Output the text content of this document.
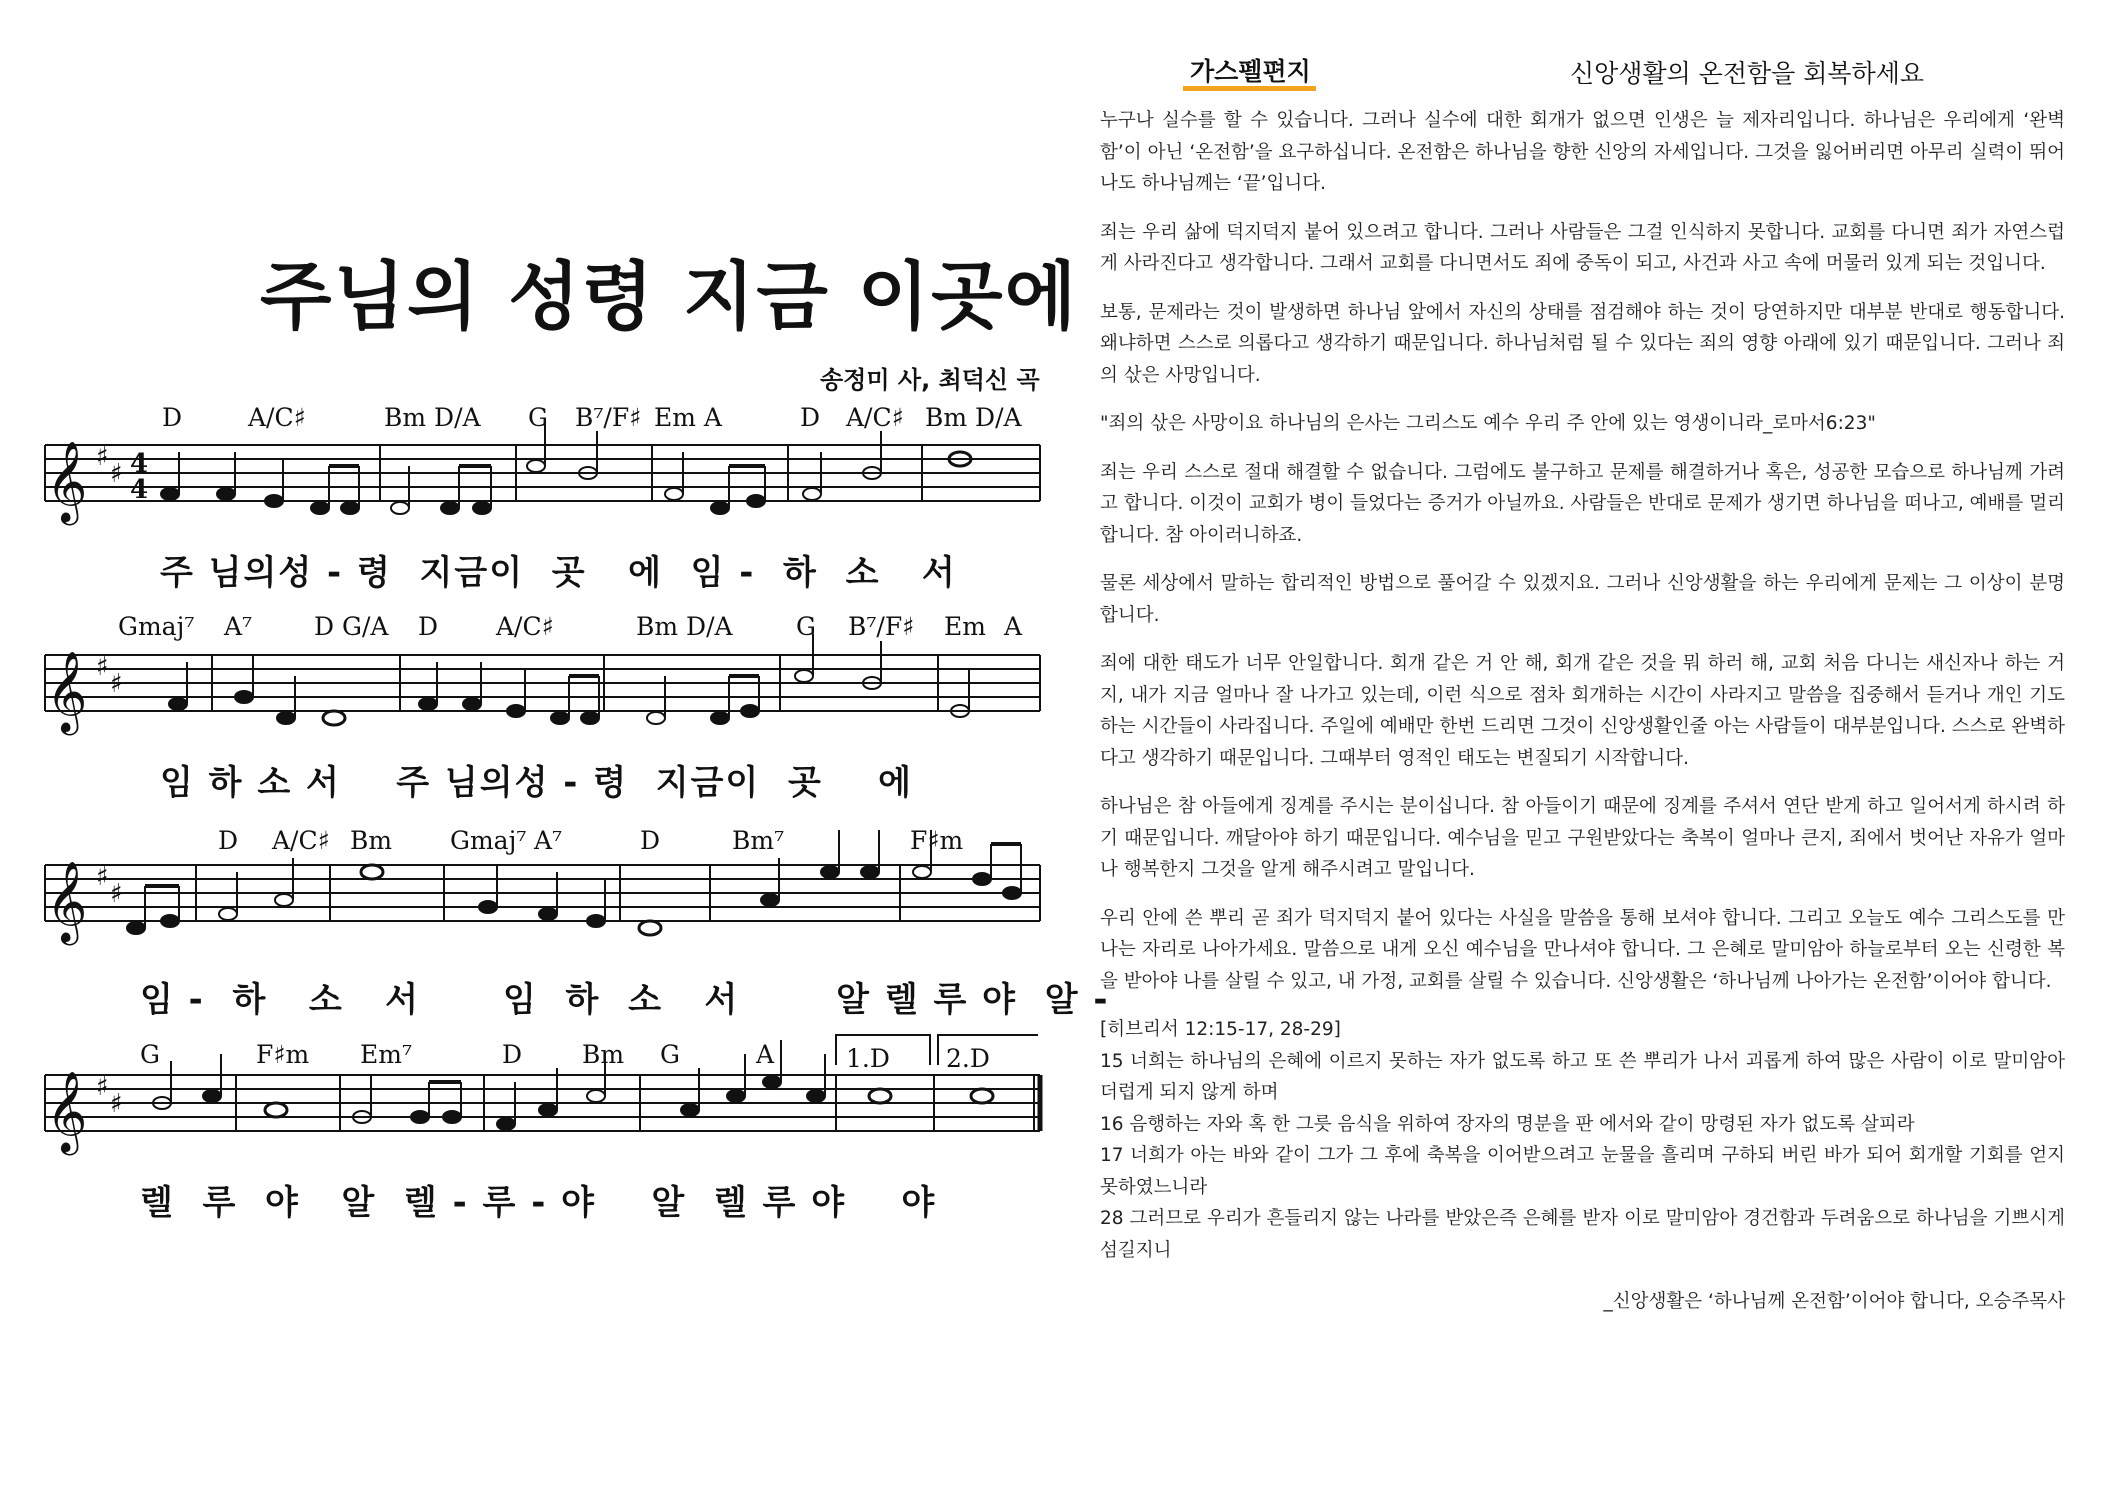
주님의 성령 지금 이곳에
송정미 사, 최덕신 곡
D	A/C♯	Bm D/A G B⁷/F♯ Em A	D A/C♯ Bm D/A
주 님의성 - 령  지금이  곳   에  임 -  하  소   서
Gmaj⁷ A⁷ D G/A D A/C♯	Bm D/A	G B⁷/F♯ Em A
임 하 소 서    주 님의성 - 령  지금이  곳    에
D A/C♯ Bm Gmaj⁷ A⁷	D	Bm⁷	F♯m
임 -  하   소   서      임  하  소   서       알 렐 루 야  알 -
G	F♯m Em⁷	D Bm G	A	1.D 2.D
렐  루  야   알  렐 - 루 - 야    알  렐 루 야    야
𝄞
𝄞
𝄞
𝄞
♯
♯
♯
♯
♯
♯
♯
♯
4
4
가스펠편지	신앙생활의 온전함을 회복하세요

누구나 실수를 할 수 있습니다. 그러나 실수에 대한 회개가 없으면 인생은 늘 제자리입니다. 하나님은 우리에게 ‘완벽함’이 아닌 ‘온전함’을 요구하십니다. 온전함은 하나님을 향한 신앙의 자세입니다. 그것을 잃어버리면 아무리 실력이 뛰어나도 하나님께는 ‘끝’입니다.

죄는 우리 삶에 덕지덕지 붙어 있으려고 합니다. 그러나 사람들은 그걸 인식하지 못합니다. 교회를 다니면 죄가 자연스럽게 사라진다고 생각합니다. 그래서 교회를 다니면서도 죄에 중독이 되고, 사건과 사고 속에 머물러 있게 되는 것입니다.

보통, 문제라는 것이 발생하면 하나님 앞에서 자신의 상태를 점검해야 하는 것이 당연하지만 대부분 반대로 행동합니다. 왜냐하면 스스로 의롭다고 생각하기 때문입니다. 하나님처럼 될 수 있다는 죄의 영향 아래에 있기 때문입니다. 그러나 죄의 삯은 사망입니다.

"죄의 삯은 사망이요 하나님의 은사는 그리스도 예수 우리 주 안에 있는 영생이니라_로마서6:23"

죄는 우리 스스로 절대 해결할 수 없습니다. 그럼에도 불구하고 문제를 해결하거나 혹은, 성공한 모습으로 하나님께 가려고 합니다. 이것이 교회가 병이 들었다는 증거가 아닐까요. 사람들은 반대로 문제가 생기면 하나님을 떠나고, 예배를 멀리합니다. 참 아이러니하죠.

물론 세상에서 말하는 합리적인 방법으로 풀어갈 수 있겠지요. 그러나 신앙생활을 하는 우리에게 문제는 그 이상이 분명합니다.

죄에 대한 태도가 너무 안일합니다. 회개 같은 거 안 해, 회개 같은 것을 뭐 하러 해, 교회 처음 다니는 새신자나 하는 거지, 내가 지금 얼마나 잘 나가고 있는데, 이런 식으로 점차 회개하는 시간이 사라지고 말씀을 집중해서 듣거나 개인 기도하는 시간들이 사라집니다. 주일에 예배만 한번 드리면 그것이 신앙생활인줄 아는 사람들이 대부분입니다. 스스로 완벽하다고 생각하기 때문입니다. 그때부터 영적인 태도는 변질되기 시작합니다.

하나님은 참 아들에게 징계를 주시는 분이십니다. 참 아들이기 때문에 징계를 주셔서 연단 받게 하고 일어서게 하시려 하기 때문입니다. 깨달아야 하기 때문입니다. 예수님을 믿고 구원받았다는 축복이 얼마나 큰지, 죄에서 벗어난 자유가 얼마나 행복한지 그것을 알게 해주시려고 말입니다.

우리 안에 쓴 뿌리 곧 죄가 덕지덕지 붙어 있다는 사실을 말씀을 통해 보셔야 합니다. 그리고 오늘도 예수 그리스도를 만나는 자리로 나아가세요. 말씀으로 내게 오신 예수님을 만나셔야 합니다. 그 은혜로 말미암아 하늘로부터 오는 신령한 복을 받아야 나를 살릴 수 있고, 내 가정, 교회를 살릴 수 있습니다. 신앙생활은 ‘하나님께 나아가는 온전함’이어야 합니다.

[히브리서 12:15-17, 28-29]
15 너희는 하나님의 은혜에 이르지 못하는 자가 없도록 하고 또 쓴 뿌리가 나서 괴롭게 하여 많은 사람이 이로 말미암아 더럽게 되지 않게 하며
16 음행하는 자와 혹 한 그릇 음식을 위하여 장자의 명분을 판 에서와 같이 망령된 자가 없도록 살피라
17 너희가 아는 바와 같이 그가 그 후에 축복을 이어받으려고 눈물을 흘리며 구하되 버린 바가 되어 회개할 기회를 얻지 못하였느니라
28 그러므로 우리가 흔들리지 않는 나라를 받았은즉 은혜를 받자 이로 말미암아 경건함과 두려움으로 하나님을 기쁘시게 섬길지니
_신앙생활은 ‘하나님께 온전함’이어야 합니다, 오승주목사
